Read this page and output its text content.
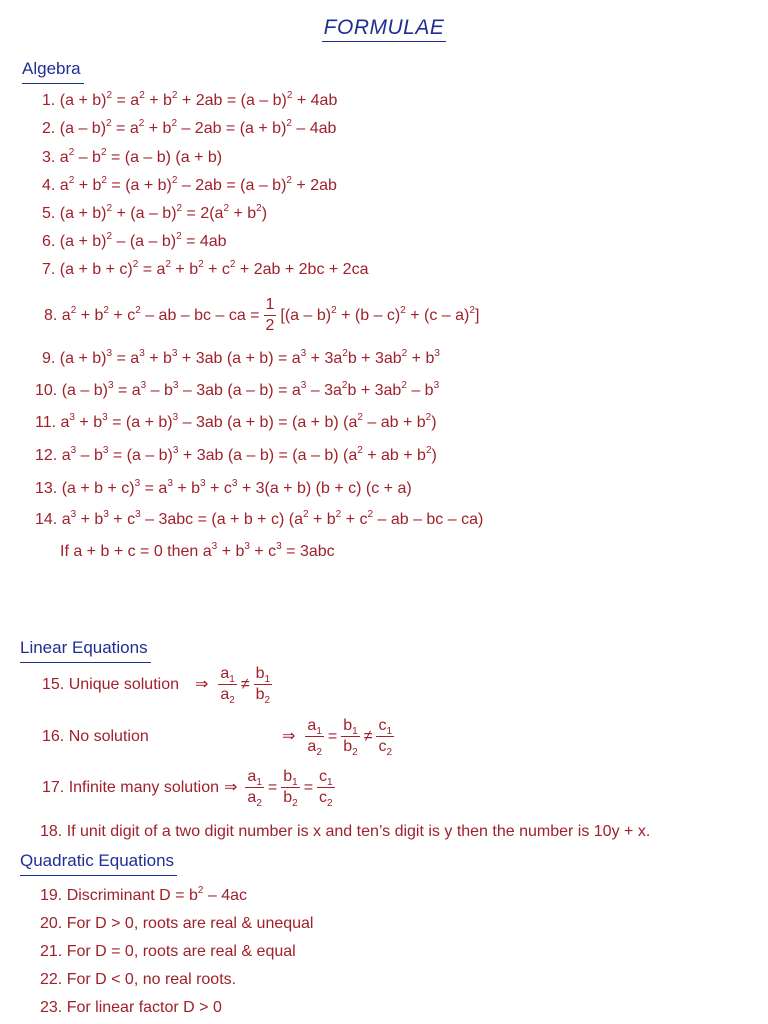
FORMULAE
Algebra
1. $(a + b)^2 = a^2 + b^2 + 2ab = (a - b)^2 + 4ab$
2. $(a - b)^2 = a^2 + b^2 - 2ab = (a + b)^2 - 4ab$
3. $a^2 - b^2 = (a - b) (a + b)$
4. $a^2 + b^2 = (a + b)^2 - 2ab = (a - b)^2 + 2ab$
5. $(a + b)^2 + (a - b)^2 = 2(a^2 + b^2)$
6. $(a + b)^2 - (a - b)^2 = 4ab$
7. $(a + b + c)^2 = a^2 + b^2 + c^2 + 2ab + 2bc + 2ca$
8. $a^2 + b^2 + c^2$ – ab – bc – ca = $\frac{1}{2} [(a - b)^2 + (b - c)^2 + (c - a)^2]$
9. $(a + b)^3 = a^3 + b^3 + 3ab$ $(a + b) = a^3 + 3a^2b + 3ab^2 + b^3$
10. $(a - b)^3 = a^3 - b^3 - 3ab$ $(a - b) = a^3 - 3a^2b + 3ab^2 - b^3$
11. $a^3 + b^3 = (a + b)^3 - 3ab$ (a + b) = (a + b) ($a^2$ – ab + $b^2$)
12. $a^3 - b^3 = (a - b)^3 + 3ab$ (a – b) = (a – b) ($a^2$ + ab + $b^2$)
13. $(a + b + c)^3 = a^3 + b^3 + c^3 + 3(a + b)$ (b + c) (c + a)
14. $a^3 + b^3 + c^3 - 3abc = (a + b + c) (a^2 + b^2 + c^2$ – ab – bc – ca)
If a + b + c = 0 then $a^3 + b^3 + c^3 = 3abc$
Linear Equations
15. Unique solution ⇒ $\frac{a_1}{a_2} \ne \frac{b_1}{b_2}$
16. No solution	⇒ $\frac{a_1}{a_2} = \frac{b_1}{b_2} \ne \frac{c_1}{c_2}$
17. Infinite many solution ⇒ $\frac{a_1}{a_2} = \frac{b_1}{b_2} = \frac{c_1}{c_2}$
18. If unit digit of a two digit number is x and ten’s digit is y then the number is 10y + x.
Quadratic Equations
19. Discriminant $D = b^2 - 4ac$
20. For D > 0, roots are real & unequal
21. For D = 0, roots are real & equal
22. For D < 0, no real roots.
23. For linear factor D > 0
